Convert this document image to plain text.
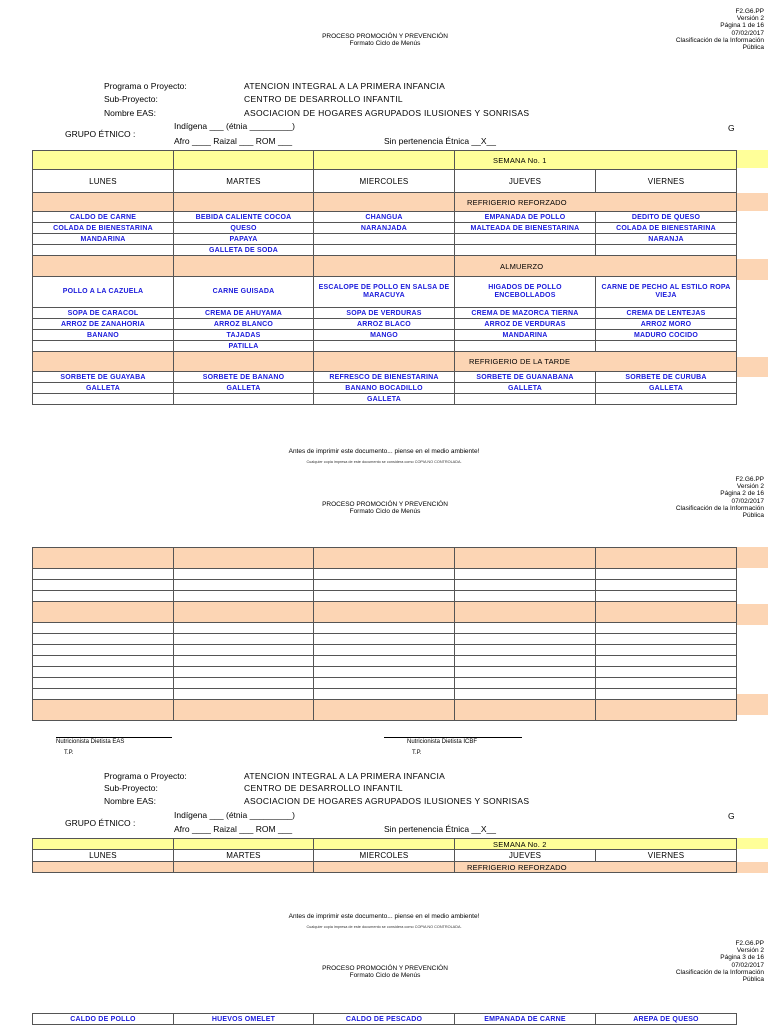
F2.G6.PP
Versión 2
Página 1 de 16
07/02/2017
Clasificación de la Información
Pública
PROCESO PROMOCIÓN Y PREVENCIÓN
Formato Ciclo de Menús
Programa o Proyecto:	ATENCION INTEGRAL A LA PRIMERA INFANCIA
Sub-Proyecto:	CENTRO DE DESARROLLO INFANTIL
Nombre EAS:	ASOCIACION DE HOGARES AGRUPADOS ILUSIONES Y SONRISAS
GRUPO ÉTNICO :
Indígena ___ (étnia _________)
Afro ____ Raizal ___ ROM ___	Sin pertenencia Étnica __X__
G
			SEMANA No. 1	
LUNES	MARTES	MIERCOLES	JUEVES	VIERNES
			REFRIGERIO REFORZADO	
CALDO DE CARNE	BEBIDA CALIENTE COCOA	CHANGUA	EMPANADA DE POLLO	DEDITO DE QUESO
COLADA DE BIENESTARINA	QUESO	NARANJADA	MALTEADA DE BIENESTARINA	COLADA DE BIENESTARINA
MANDARINA	PAPAYA			NARANJA
	GALLETA DE SODA			
			ALMUERZO	
POLLO A LA CAZUELA	CARNE GUISADA	ESCALOPE DE POLLO EN SALSA DE MARACUYA	HIGADOS DE POLLO ENCEBOLLADOS	CARNE DE PECHO AL ESTILO ROPA VIEJA
SOPA DE CARACOL	CREMA DE AHUYAMA	SOPA DE VERDURAS	CREMA DE MAZORCA TIERNA	CREMA DE LENTEJAS
ARROZ DE ZANAHORIA	ARROZ BLANCO	ARROZ BLACO	ARROZ DE VERDURAS	ARROZ MORO
BANANO	TAJADAS	MANGO	MANDARINA	MADURO COCIDO
	PATILLA			
			REFRIGERIO DE LA TARDE	
SORBETE DE GUAYABA	SORBETE DE BANANO	REFRESCO DE BIENESTARINA	SORBETE DE GUANABANA	SORBETE DE CURUBA
GALLETA	GALLETA	BANANO BOCADILLO	GALLETA	GALLETA
		GALLETA		
Antes de imprimir este documento... piense en el medio ambiente!
Cualquier copia impresa de este documento se considera como COPIA NO CONTROLADA.
F2.G6.PP
Versión 2
Página 2 de 16
07/02/2017
Clasificación de la Información
Pública
PROCESO PROMOCIÓN Y PREVENCIÓN
Formato Ciclo de Menús

Nutricionista Dietista EAS
T.P.
Nutricionista Dietista ICBF
T.P.
Programa o Proyecto:	ATENCION INTEGRAL A LA PRIMERA INFANCIA
Sub-Proyecto:	CENTRO DE DESARROLLO INFANTIL
Nombre EAS:	ASOCIACION DE HOGARES AGRUPADOS ILUSIONES Y SONRISAS
GRUPO ÉTNICO :
Indígena ___ (étnia _________)
Afro ____ Raizal ___ ROM ___	Sin pertenencia Étnica __X__
G
			SEMANA No. 2	
LUNES	MARTES	MIERCOLES	JUEVES	VIERNES
			REFRIGERIO REFORZADO	
Antes de imprimir este documento... piense en el medio ambiente!
Cualquier copia impresa de este documento se considera como COPIA NO CONTROLADA.
F2.G6.PP
Versión 2
Página 3 de 16
07/02/2017
Clasificación de la Información
Pública
PROCESO PROMOCIÓN Y PREVENCIÓN
Formato Ciclo de Menús
CALDO DE POLLO	HUEVOS OMELET	CALDO DE PESCADO	EMPANADA DE CARNE	AREPA DE QUESO
